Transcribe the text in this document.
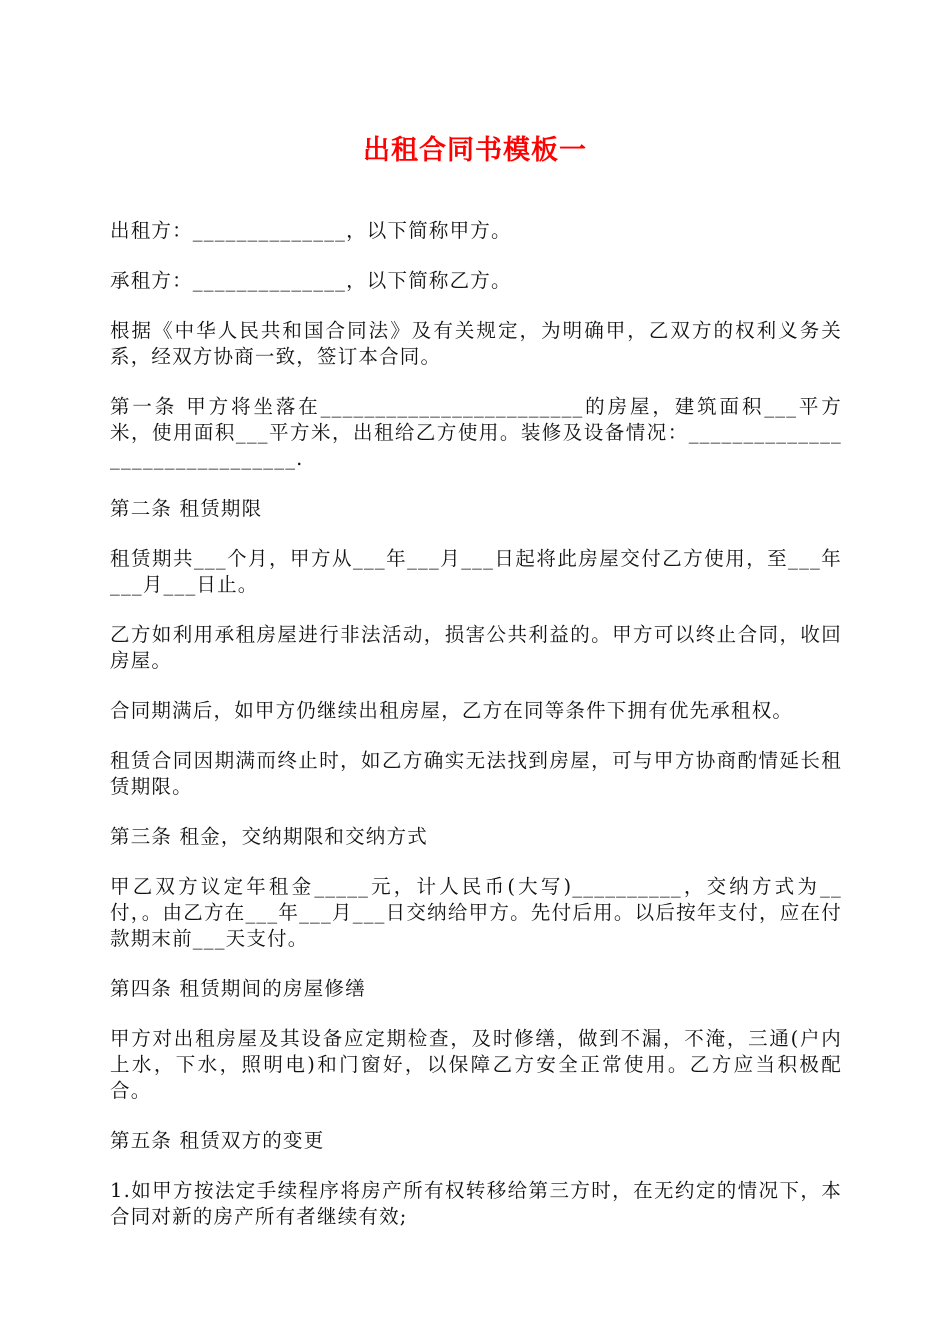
出租合同书模板一

出租方：______________，以下简称甲方。

承租方：______________，以下简称乙方。

根据《中华人民共和国合同法》及有关规定，为明确甲，乙双方的权利义务关系，经双方协商一致，签订本合同。

第一条 甲方将坐落在________________________的房屋，建筑面积___平方米，使用面积___平方米，出租给乙方使用。装修及设备情况：_______________________________.

第二条 租赁期限

租赁期共___个月，甲方从___年___月___日起将此房屋交付乙方使用，至___年___月___日止。

乙方如利用承租房屋进行非法活动，损害公共利益的。甲方可以终止合同，收回房屋。

合同期满后，如甲方仍继续出租房屋，乙方在同等条件下拥有优先承租权。

租赁合同因期满而终止时，如乙方确实无法找到房屋，可与甲方协商酌情延长租赁期限。

第三条 租金，交纳期限和交纳方式

甲乙双方议定年租金_____元，计人民币(大写)__________，交纳方式为__付，。由乙方在___年___月___日交纳给甲方。先付后用。以后按年支付，应在付款期末前___天支付。

第四条 租赁期间的房屋修缮

甲方对出租房屋及其设备应定期检查，及时修缮，做到不漏，不淹，三通(户内上水，下水，照明电)和门窗好，以保障乙方安全正常使用。乙方应当积极配合。

第五条 租赁双方的变更

1.如甲方按法定手续程序将房产所有权转移给第三方时，在无约定的情况下，本合同对新的房产所有者继续有效;
